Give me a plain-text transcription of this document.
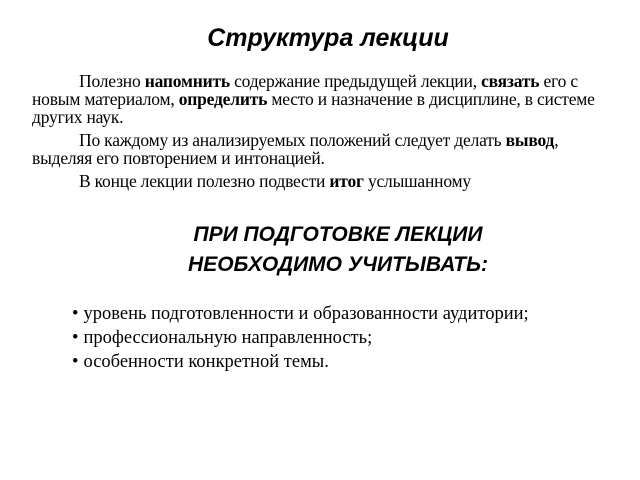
Структура лекции

Полезно напомнить содержание предыдущей лекции, связать его с новым материалом, определить место и назначение в дисциплине, в системе других наук.

По каждому из анализируемых положений следует делать вывод, выделяя его повторением и интонацией.

В конце лекции полезно подвести итог услышанному

ПРИ ПОДГОТОВКЕ ЛЕКЦИИ
НЕОБХОДИМО УЧИТЫВАТЬ:
• уровень подготовленности и образованности аудитории;
• профессиональную направленность;
• особенности конкретной темы.
